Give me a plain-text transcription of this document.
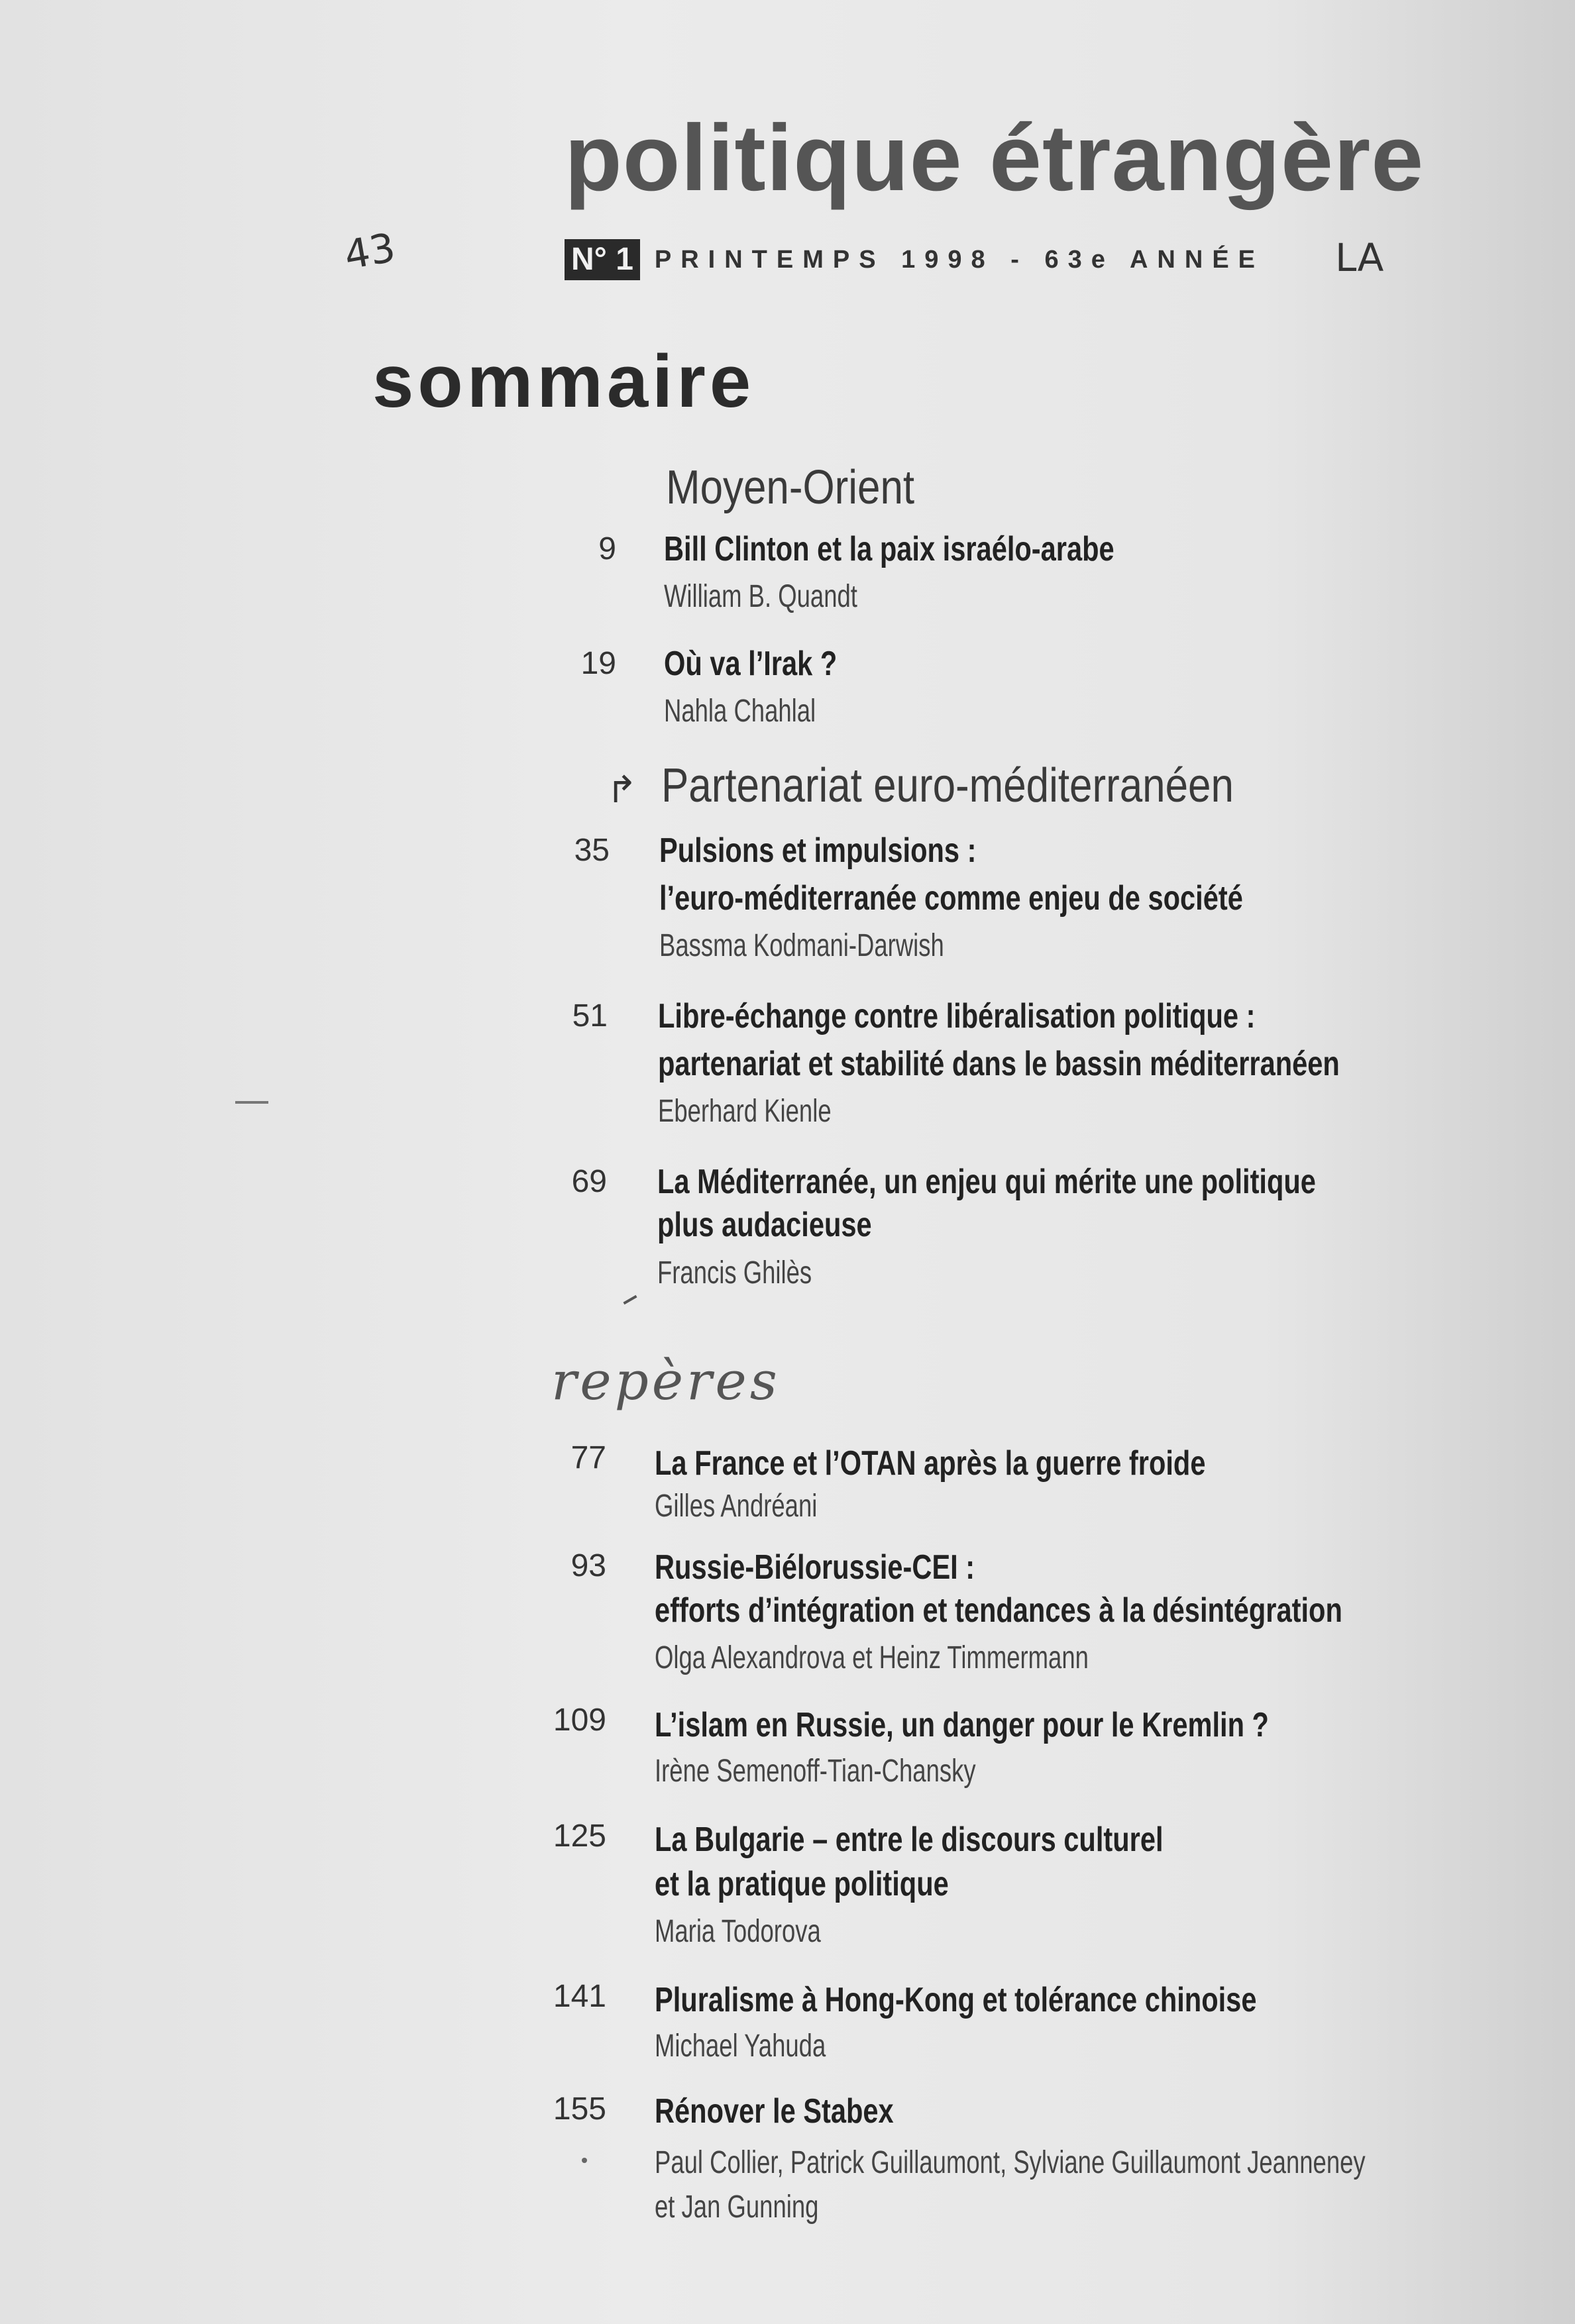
politique étrangère
N° 1 PRINTEMPS 1998 - 63e ANNÉE
43	LA
sommaire
Moyen-Orient
9 Bill Clinton et la paix israélo-arabe
William B. Quandt
19 Où va l’Irak ?
Nahla Chahlal
↱ Partenariat euro-méditerranéen
35 Pulsions et impulsions :
l’euro-méditerranée comme enjeu de société
Bassma Kodmani-Darwish
51 Libre-échange contre libéralisation politique :
partenariat et stabilité dans le bassin méditerranéen
Eberhard Kienle
69 La Méditerranée, un enjeu qui mérite une politique
plus audacieuse
Francis Ghilès
repères
77 La France et l’OTAN après la guerre froide
Gilles Andréani
93 Russie-Biélorussie-CEI :
efforts d’intégration et tendances à la désintégration
Olga Alexandrova et Heinz Timmermann
109 L’islam en Russie, un danger pour le Kremlin ?
Irène Semenoff-Tian-Chansky
125 La Bulgarie – entre le discours culturel
et la pratique politique
Maria Todorova
141 Pluralisme à Hong-Kong et tolérance chinoise
Michael Yahuda
155 Rénover le Stabex
Paul Collier, Patrick Guillaumont, Sylviane Guillaumont Jeanneney
et Jan Gunning
